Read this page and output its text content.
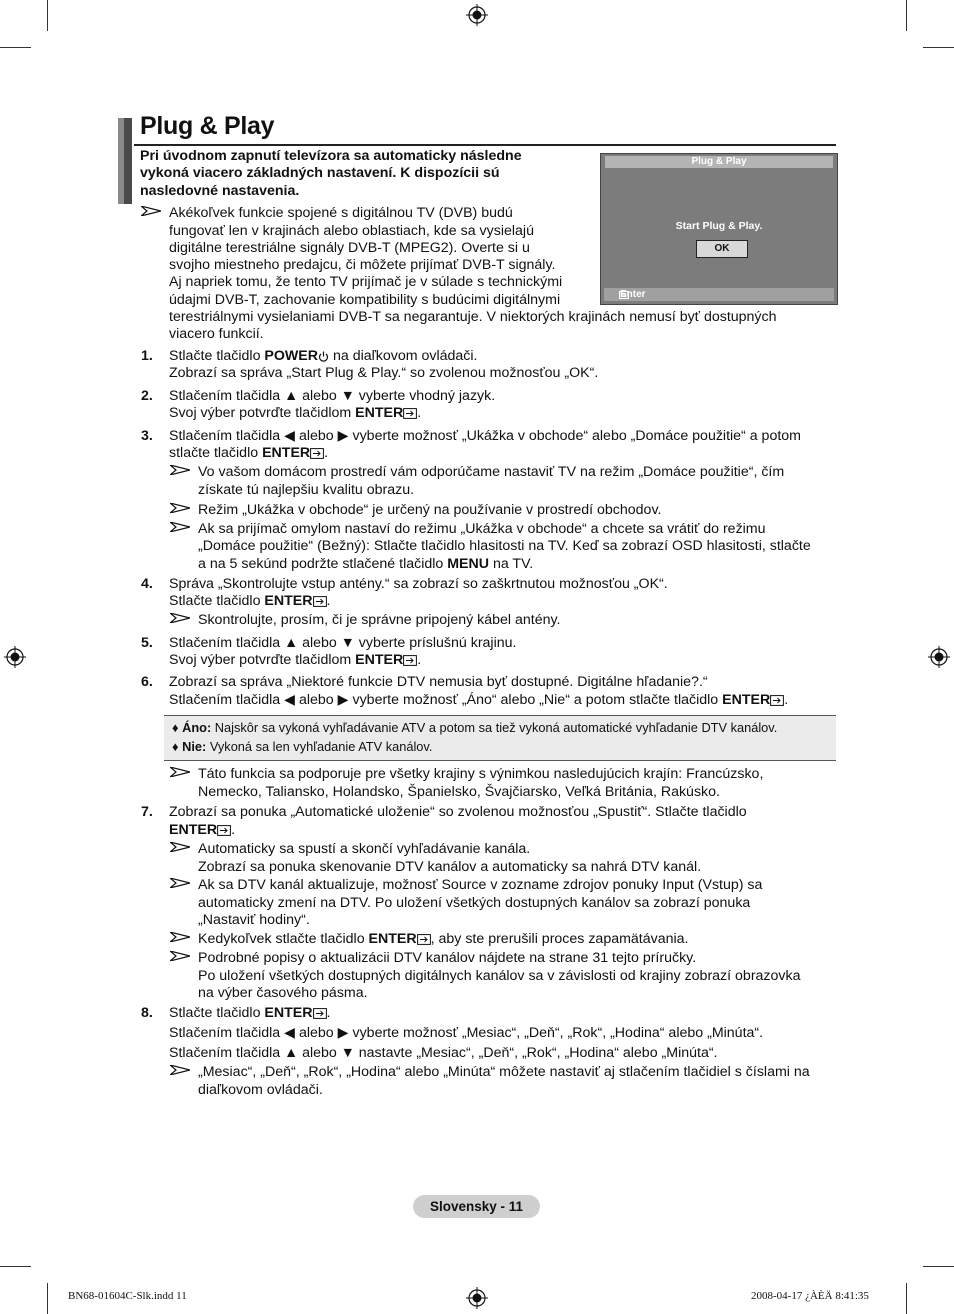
Plug & Play
Pri úvodnom zapnutí televízora sa automaticky následne
vykoná viacero základných nastavení. K dispozícii sú
nasledovné nastavenia.
Akékoľvek funkcie spojené s digitálnou TV (DVB) budú
fungovať len v krajinách alebo oblastiach, kde sa vysielajú
digitálne terestriálne signály DVB-T (MPEG2). Overte si u
svojho miestneho predajcu, či môžete prijímať DVB-T signály.
Aj napriek tomu, že tento TV prijímač je v súlade s technickými
údajmi DVB-T, zachovanie kompatibility s budúcimi digitálnymi
terestriálnymi vysielaniami DVB-T sa negarantuje. V niektorých krajinách nemusí byť dostupných
viacero funkcií.
Plug & Play
Start Plug & Play.
OK
Enter
1. Stlačte tlačidlo POWER na diaľkovom ovládači.
Zobrazí sa správa „Start Plug & Play.“ so zvolenou možnosťou „OK“.
2. Stlačením tlačidla ▲ alebo ▼ vyberte vhodný jazyk.
Svoj výber potvrďte tlačidlom ENTER .
3. Stlačením tlačidla ◀ alebo ▶ vyberte možnosť „Ukážka v obchode“ alebo „Domáce použitie“ a potom
stlačte tlačidlo ENTER .
Vo vašom domácom prostredí vám odporúčame nastaviť TV na režim „Domáce použitie“, čím
získate tú najlepšiu kvalitu obrazu.
Režim „Ukážka v obchode“ je určený na používanie v prostredí obchodov.
Ak sa prijímač omylom nastaví do režimu „Ukážka v obchode“ a chcete sa vrátiť do režimu
„Domáce použitie“ (Bežný): Stlačte tlačidlo hlasitosti na TV. Keď sa zobrazí OSD hlasitosti, stlačte
a na 5 sekúnd podržte stlačené tlačidlo MENU na TV.
4. Správa „Skontrolujte vstup antény.“ sa zobrazí so zaškrtnutou možnosťou „OK“.
Stlačte tlačidlo ENTER .
Skontrolujte, prosím, či je správne pripojený kábel antény.
5. Stlačením tlačidla ▲ alebo ▼ vyberte príslušnú krajinu.
Svoj výber potvrďte tlačidlom ENTER .
6. Zobrazí sa správa „Niektoré funkcie DTV nemusia byť dostupné. Digitálne hľadanie?.“
Stlačením tlačidla ◀ alebo ▶ vyberte možnosť „Áno“ alebo „Nie“ a potom stlačte tlačidlo ENTER .
♦ Áno: Najskôr sa vykoná vyhľadávanie ATV a potom sa tiež vykoná automatické vyhľadanie DTV kanálov.
♦ Nie: Vykoná sa len vyhľadanie ATV kanálov.
Táto funkcia sa podporuje pre všetky krajiny s výnimkou nasledujúcich krajín: Francúzsko,
Nemecko, Taliansko, Holandsko, Španielsko, Švajčiarsko, Veľká Británia, Rakúsko.
7. Zobrazí sa ponuka „Automatické uloženie“ so zvolenou možnosťou „Spustiť“. Stlačte tlačidlo
ENTER .
Automaticky sa spustí a skončí vyhľadávanie kanála.
Zobrazí sa ponuka skenovanie DTV kanálov a automaticky sa nahrá DTV kanál.
Ak sa DTV kanál aktualizuje, možnosť Source v zozname zdrojov ponuky Input (Vstup) sa
automaticky zmení na DTV. Po uložení všetkých dostupných kanálov sa zobrazí ponuka
„Nastaviť hodiny“.
Kedykoľvek stlačte tlačidlo ENTER , aby ste prerušili proces zapamätávania.
Podrobné popisy o aktualizácii DTV kanálov nájdete na strane 31 tejto príručky.
Po uložení všetkých dostupných digitálnych kanálov sa v závislosti od krajiny zobrazí obrazovka
na výber časového pásma.
8. Stlačte tlačidlo ENTER .
Stlačením tlačidla ◀ alebo ▶ vyberte možnosť „Mesiac“, „Deň“, „Rok“, „Hodina“ alebo „Minúta“.
Stlačením tlačidla ▲ alebo ▼ nastavte „Mesiac“, „Deň“, „Rok“, „Hodina“ alebo „Minúta“.
„Mesiac“, „Deň“, „Rok“, „Hodina“ alebo „Minúta“ môžete nastaviť aj stlačením tlačidiel s číslami na
diaľkovom ovládači.
Slovensky - 11
BN68-01604C-Slk.indd 11	2008-04-17 ¿ÀÈÄ 8:41:35
